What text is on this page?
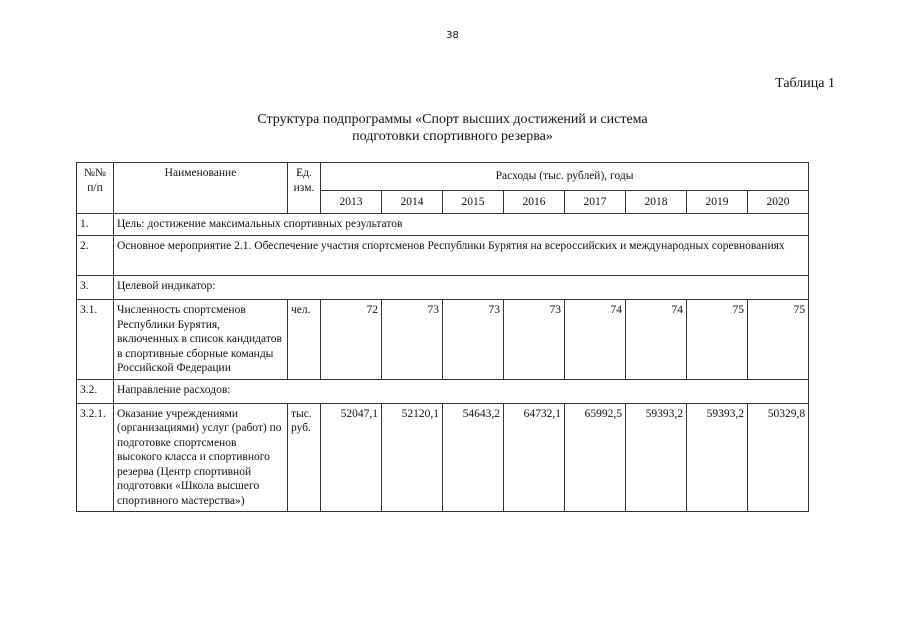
38
Таблица 1
Структура подпрограммы «Спорт высших достижений и система
подготовки спортивного резерва»
№№ п/п	Наименование	Ед. изм.	Расходы (тыс. рублей), годы							
			2013	2014	2015	2016	2017	2018	2019	2020
1.	Цель: достижение максимальных спортивных результатов									
2.	Основное мероприятие 2.1. Обеспечение участия спортсменов Республики Бурятия на всероссийских и международных соревнованиях									
3.	Целевой индикатор:									
3.1.	Численность спортсменов Республики Бурятия, включенных в список кандидатов в спортивные сборные команды Российской Федерации	чел.	72	73	73	73	74	74	75	75
3.2.	Направление расходов:									
3.2.1.	Оказание учреждениями (организациями) услуг (работ) по подготовке спортсменов высокого класса и спортивного резерва (Центр спортивной подготовки «Школа высшего спортивного мастерства»)	тыс. руб.	52047,1	52120,1	54643,2	64732,1	65992,5	59393,2	59393,2	50329,8
